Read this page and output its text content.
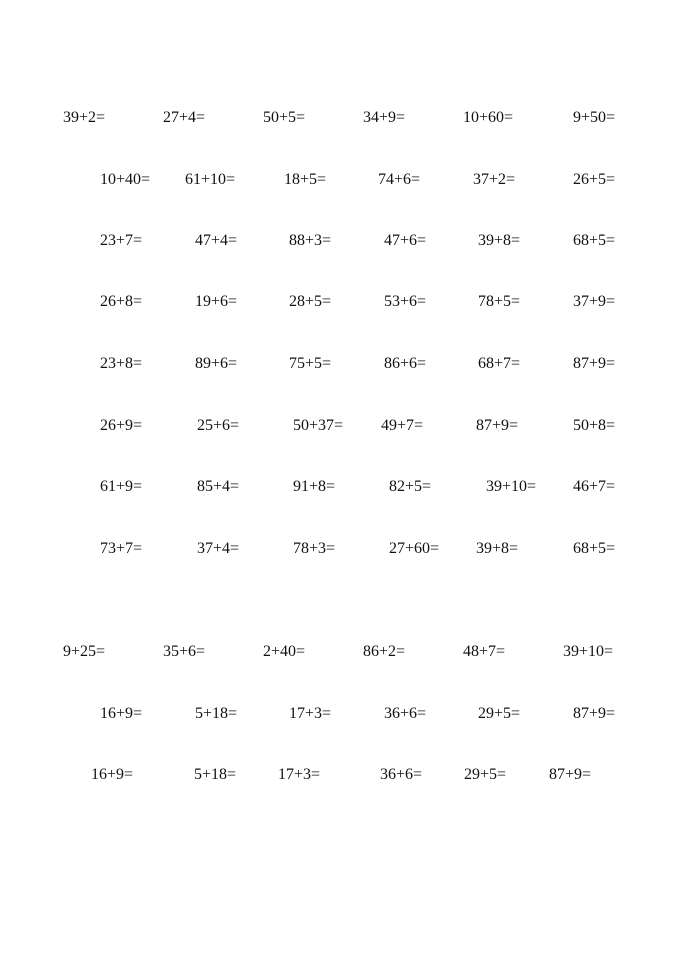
39+2=	27+4=	50+5=	34+9=	10+60=	9+50=
10+40= 61+10=	18+5=	74+6=	37+2=	26+5=
23+7=	47+4=	88+3=	47+6=	39+8=	68+5=
26+8=	19+6=	28+5=	53+6=	78+5=	37+9=
23+8=	89+6=	75+5=	86+6=	68+7=	87+9=
26+9=	25+6=	50+37= 49+7=	87+9=	50+8=
61+9=	85+4=	91+8=	82+5=	39+10= 46+7=
73+7=	37+4=	78+3=	27+60= 39+8=	68+5=
9+25=	35+6=	2+40=	86+2=	48+7=	39+10=
16+9=	5+18=	17+3=	36+6=	29+5=	87+9=
16+9=	5+18=	17+3=	36+6=	29+5=	87+9=
